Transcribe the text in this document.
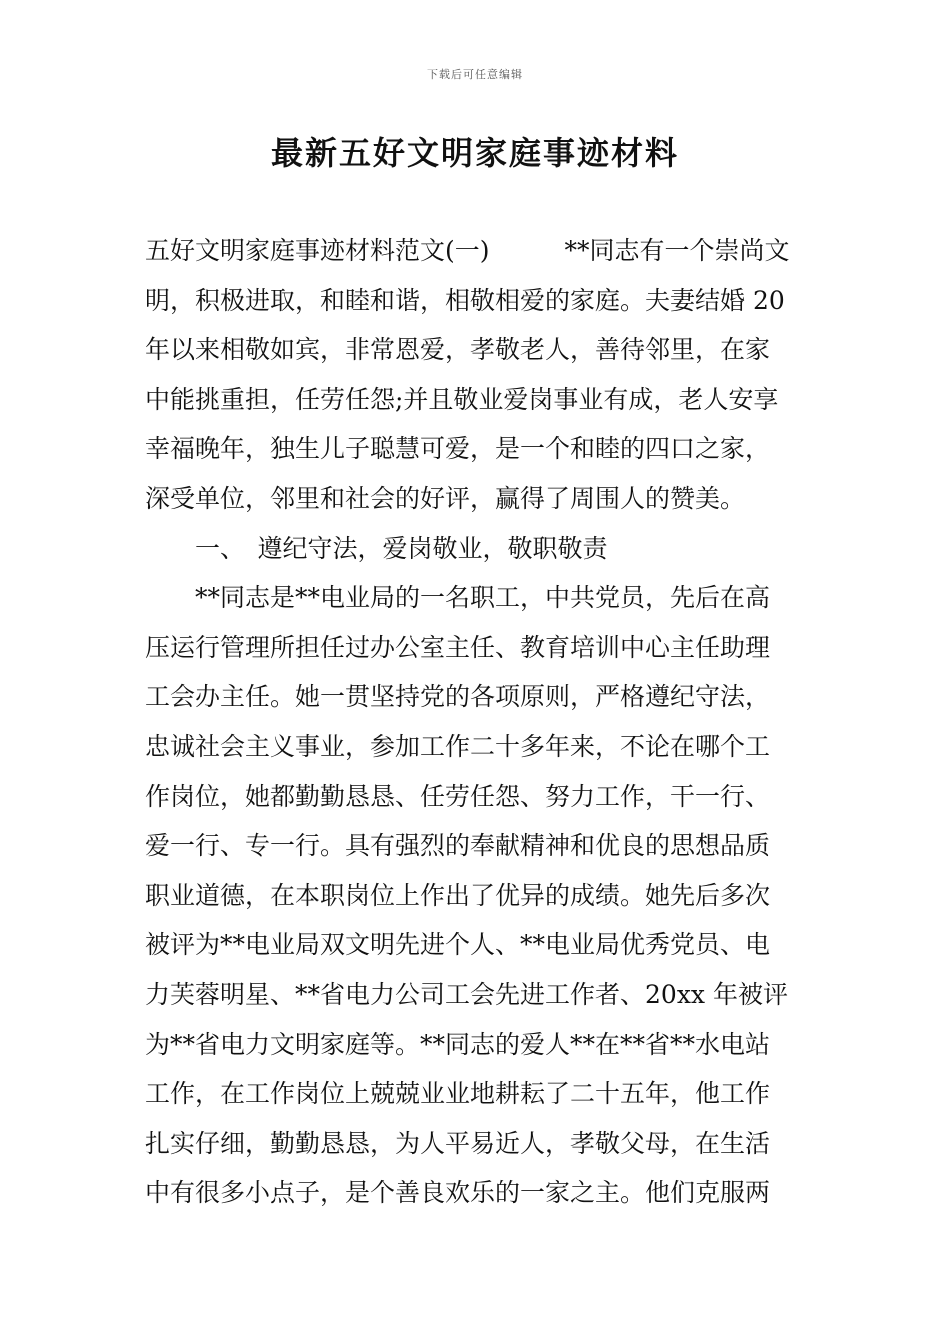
下载后可任意编辑
最新五好文明家庭事迹材料
五好文明家庭事迹材料范文(一)　　　**同志有一个崇尚文
明，积极进取，和睦和谐，相敬相爱的家庭。夫妻结婚 20
年以来相敬如宾，非常恩爱，孝敬老人，善待邻里，在家
中能挑重担，任劳任怨;并且敬业爱岗事业有成，老人安享
幸福晚年，独生儿子聪慧可爱，是一个和睦的四口之家，
深受单位，邻里和社会的好评，赢得了周围人的赞美。
一、　遵纪守法，爱岗敬业，敬职敬责
**同志是**电业局的一名职工，中共党员，先后在高
压运行管理所担任过办公室主任、教育培训中心主任助理
工会办主任。她一贯坚持党的各项原则，严格遵纪守法，
忠诚社会主义事业，参加工作二十多年来，不论在哪个工
作岗位，她都勤勤恳恳、任劳任怨、努力工作，干一行、
爱一行、专一行。具有强烈的奉献精神和优良的思想品质
职业道德，在本职岗位上作出了优异的成绩。她先后多次
被评为**电业局双文明先进个人、**电业局优秀党员、电
力芙蓉明星、**省电力公司工会先进工作者、20xx 年被评
为**省电力文明家庭等。**同志的爱人**在**省**水电站
工作，在工作岗位上兢兢业业地耕耘了二十五年，他工作
扎实仔细，勤勤恳恳，为人平易近人，孝敬父母，在生活
中有很多小点子，是个善良欢乐的一家之主。他们克服两
